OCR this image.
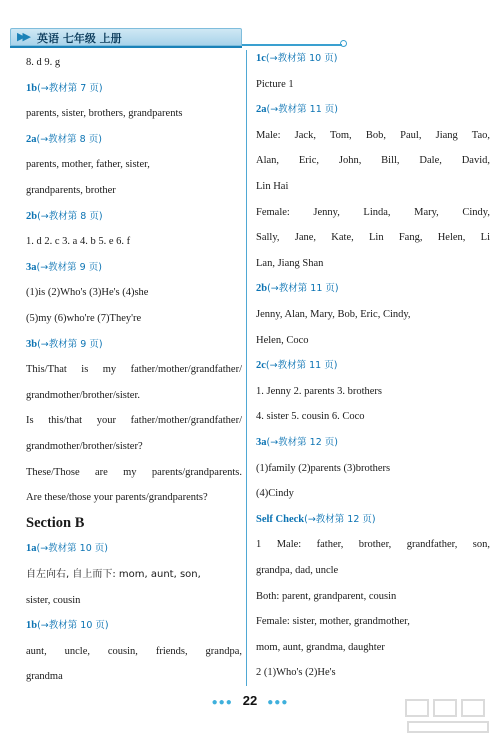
▶▶ 英语 七年级 上册
8. d 9. g
1b(→教材第 7 页)
parents, sister, brothers, grandparents
2a(→教材第 8 页)
parents, mother, father, sister,
grandparents, brother
2b(→教材第 8 页)
1. d 2. c 3. a 4. b 5. e 6. f
3a(→教材第 9 页)
(1)is (2)Who's (3)He's (4)she
(5)my (6)who're (7)They're
3b(→教材第 9 页)
This/That is my father/mother/grandfather/
grandmother/brother/sister.
Is this/that your father/mother/grandfather/
grandmother/brother/sister?
These/Those are my parents/grandparents.
Are these/those your parents/grandparents?
Section B
1a(→教材第 10 页)
自左向右, 自上而下: mom, aunt, son,
sister, cousin
1b(→教材第 10 页)
aunt, uncle, cousin, friends, grandpa,
grandma
1c(→教材第 10 页)
Picture 1
2a(→教材第 11 页)
Male: Jack, Tom, Bob, Paul, Jiang Tao,
Alan, Eric, John, Bill, Dale, David,
Lin Hai
Female: Jenny, Linda, Mary, Cindy,
Sally, Jane, Kate, Lin Fang, Helen, Li
Lan, Jiang Shan
2b(→教材第 11 页)
Jenny, Alan, Mary, Bob, Eric, Cindy,
Helen, Coco
2c(→教材第 11 页)
1. Jenny 2. parents 3. brothers
4. sister 5. cousin 6. Coco
3a(→教材第 12 页)
(1)family (2)parents (3)brothers
(4)Cindy
Self Check(→教材第 12 页)
1 Male: father, brother, grandfather, son,
grandpa, dad, uncle
Both: parent, grandparent, cousin
Female: sister, mother, grandmother,
mom, aunt, grandma, daughter
2 (1)Who's (2)He's
●●● 22 ●●●
